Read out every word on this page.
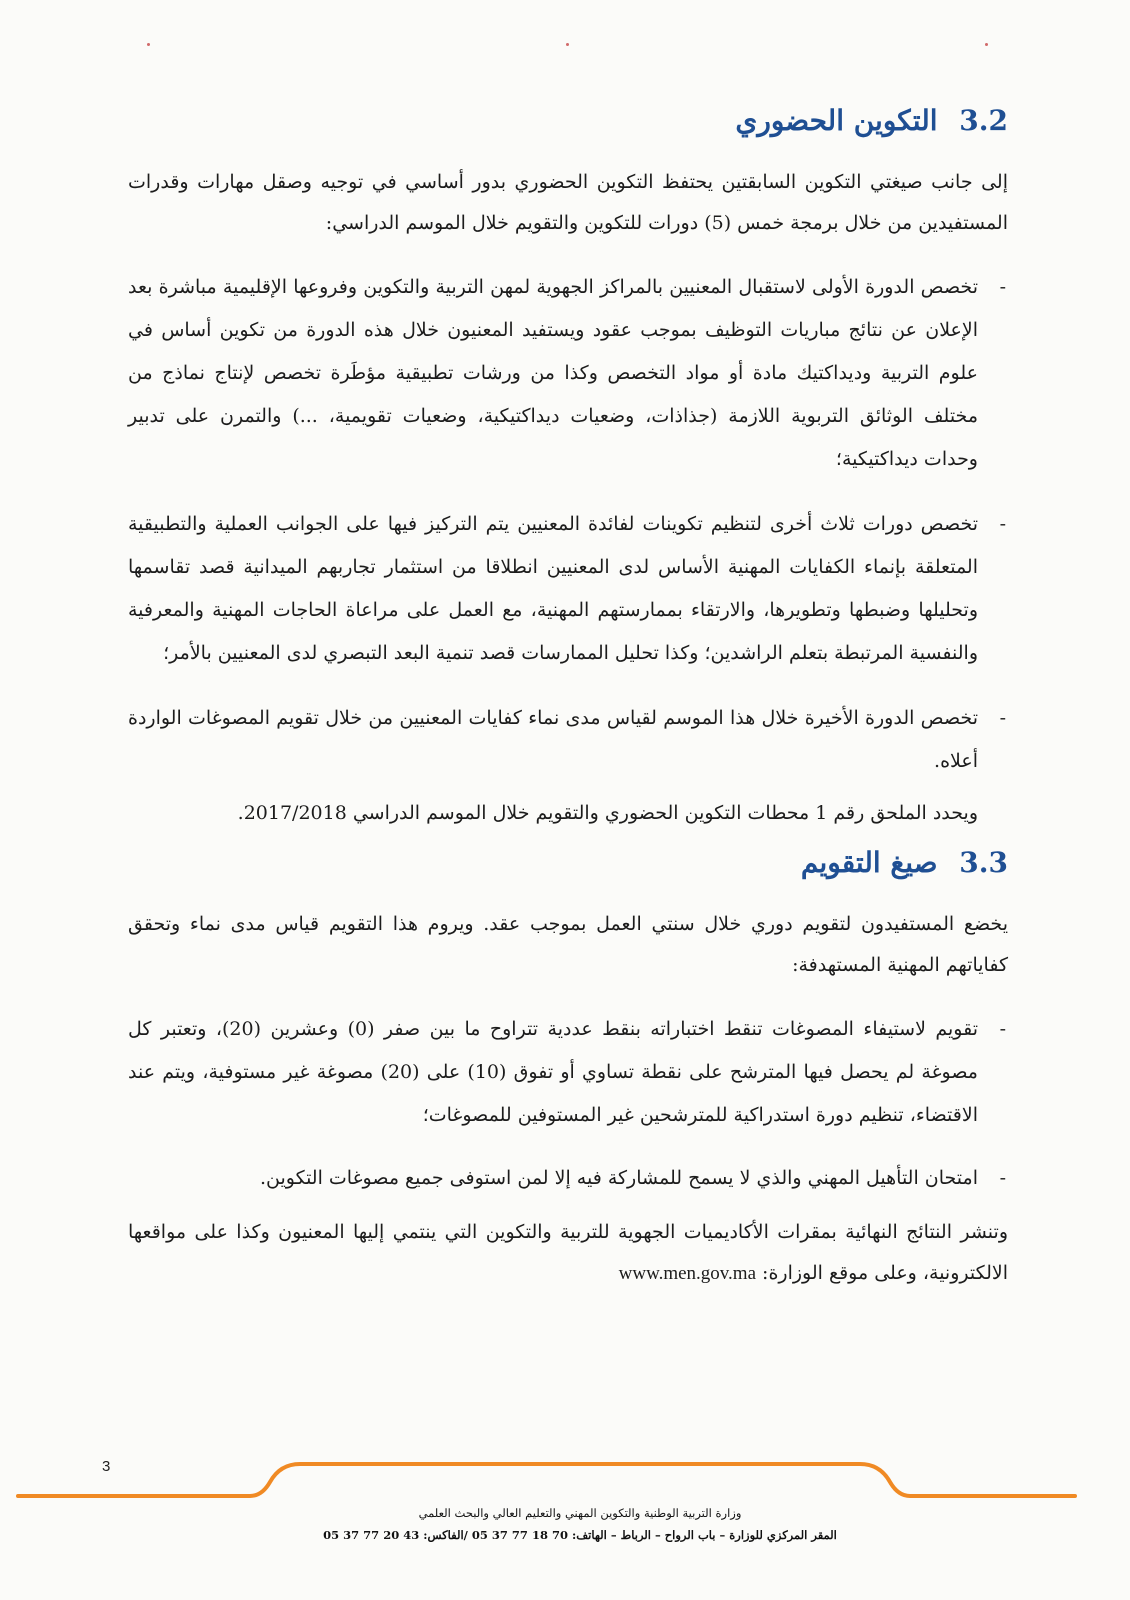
3.2 التكوين الحضوري
إلى جانب صيغتي التكوين السابقتين يحتفظ التكوين الحضوري بدور أساسي في توجيه وصقل مهارات وقدرات المستفيدين من خلال برمجة خمس (5) دورات للتكوين والتقويم خلال الموسم الدراسي:
-
تخصص الدورة الأولى لاستقبال المعنيين بالمراكز الجهوية لمهن التربية والتكوين وفروعها الإقليمية مباشرة بعد الإعلان عن نتائج مباريات التوظيف بموجب عقود ويستفيد المعنيون خلال هذه الدورة من تكوين أساس في علوم التربية وديداكتيك مادة أو مواد التخصص وكذا من ورشات تطبيقية مؤطَرة تخصص لإنتاج نماذج من مختلف الوثائق التربوية اللازمة (جذاذات، وضعيات ديداكتيكية، وضعيات تقويمية، ...) والتمرن على تدبير وحدات ديداكتيكية؛
-
تخصص دورات ثلاث أخرى لتنظيم تكوينات لفائدة المعنيين يتم التركيز فيها على الجوانب العملية والتطبيقية المتعلقة بإنماء الكفايات المهنية الأساس لدى المعنيين انطلاقا من استثمار تجاربهم الميدانية قصد تقاسمها وتحليلها وضبطها وتطويرها، والارتقاء بممارستهم المهنية، مع العمل على مراعاة الحاجات المهنية والمعرفية والنفسية المرتبطة بتعلم الراشدين؛ وكذا تحليل الممارسات قصد تنمية البعد التبصري لدى المعنيين بالأمر؛
-
تخصص الدورة الأخيرة خلال هذا الموسم لقياس مدى نماء كفايات المعنيين من خلال تقويم المصوغات الواردة أعلاه.
ويحدد الملحق رقم 1 محطات التكوين الحضوري والتقويم خلال الموسم الدراسي 2017/2018.
3.3 صيغ التقويم
يخضع المستفيدون لتقويم دوري خلال سنتي العمل بموجب عقد. ويروم هذا التقويم قياس مدى نماء وتحقق كفاياتهم المهنية المستهدفة:
-
تقويم لاستيفاء المصوغات تنقط اختباراته بنقط عددية تتراوح ما بين صفر (0) وعشرين (20)، وتعتبر كل مصوغة لم يحصل فيها المترشح على نقطة تساوي أو تفوق (10) على (20) مصوغة غير مستوفية، ويتم عند الاقتضاء، تنظيم دورة استدراكية للمترشحين غير المستوفين للمصوغات؛
-
امتحان التأهيل المهني والذي لا يسمح للمشاركة فيه إلا لمن استوفى جميع مصوغات التكوين.
وتنشر النتائج النهائية بمقرات الأكاديميات الجهوية للتربية والتكوين التي ينتمي إليها المعنيون وكذا على مواقعها الالكترونية، وعلى موقع الوزارة: www.men.gov.ma
3
وزارة التربية الوطنية والتكوين المهني والتعليم العالي والبحث العلمي
المقر المركزي للوزارة – باب الرواح – الرباط – الهاتف: 70 18 77 37 05 /الفاكس: 43 20 77 37 05
